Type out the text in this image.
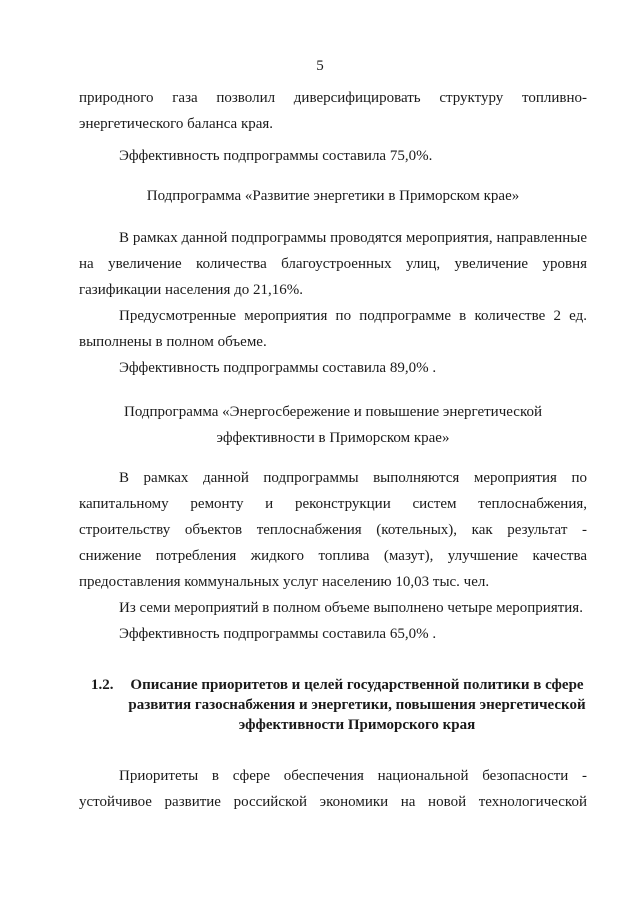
5

природного газа позволил диверсифицировать структуру топливно-энергетического баланса края.

Эффективность подпрограммы составила 75,0%.

Подпрограмма «Развитие энергетики в Приморском крае»

В рамках данной подпрограммы проводятся мероприятия, направленные на увеличение количества благоустроенных улиц, увеличение уровня газификации населения до 21,16%.

Предусмотренные мероприятия по подпрограмме в количестве 2 ед. выполнены в полном объеме.

Эффективность подпрограммы составила 89,0% .

Подпрограмма «Энергосбережение и повышение энергетической
эффективности в Приморском крае»

В рамках данной подпрограммы выполняются мероприятия по капитальному ремонту и реконструкции систем теплоснабжения, строительству объектов теплоснабжения (котельных), как результат - снижение потребления жидкого топлива (мазут), улучшение качества предоставления коммунальных услуг населению 10,03 тыс. чел.

Из семи мероприятий в полном объеме выполнено четыре мероприятия.

Эффективность подпрограммы составила 65,0% .

1.2.	Описание приоритетов и целей государственной политики в сфере развития газоснабжения и энергетики, повышения энергетической эффективности Приморского края

Приоритеты в сфере обеспечения национальной безопасности - устойчивое развитие российской экономики на новой технологической
